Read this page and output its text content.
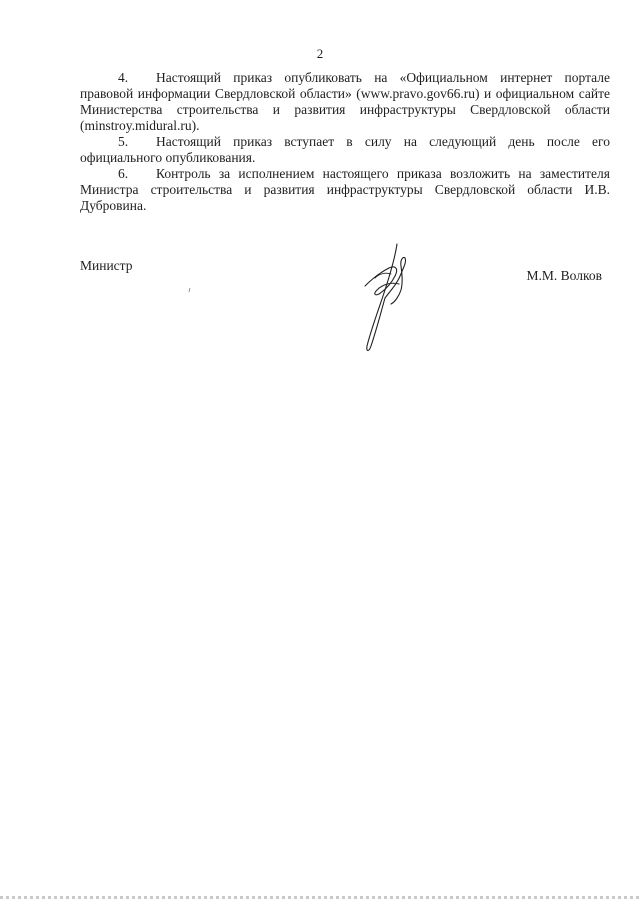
2

4. Настоящий приказ опубликовать на «Официальном интернет портале правовой информации Свердловской области» (www.pravo.gov66.ru) и официальном сайте Министерства строительства и развития инфраструктуры Свердловской области (minstroy.midural.ru).

5. Настоящий приказ вступает в силу на следующий день после его официального опубликования.

6. Контроль за исполнением настоящего приказа возложить на заместителя Министра строительства и развития инфраструктуры Свердловской области И.В. Дубровина.

Министр
М.М. Волков
